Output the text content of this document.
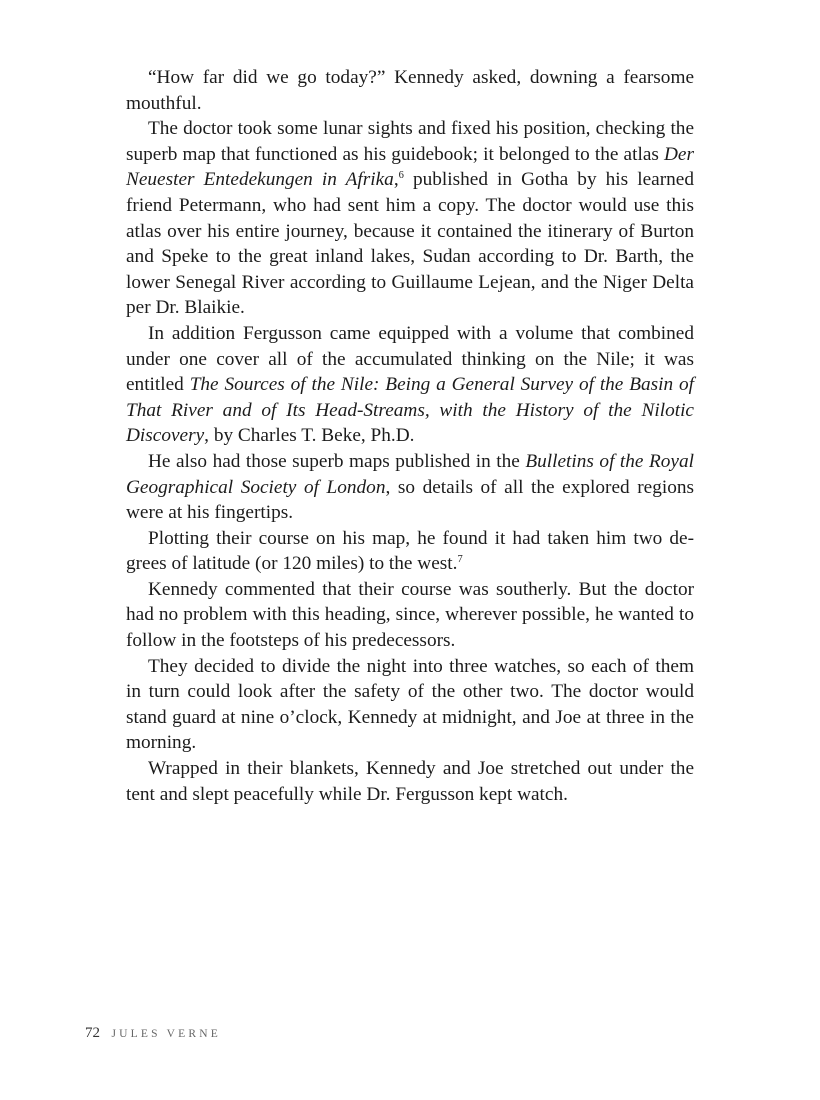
“How far did we go today?” Kennedy asked, downing a fearsome mouthful.

The doctor took some lunar sights and fixed his position, checking the superb map that functioned as his guidebook; it belonged to the atlas Der Neuester Entedekungen in Afrika,$^6$ published in Gotha by his learned friend Petermann, who had sent him a copy. The doctor would use this atlas over his entire journey, because it contained the itinerary of Burton and Speke to the great inland lakes, Sudan according to Dr. Barth, the lower Senegal River according to Guillaume Lejean, and the Niger Delta per Dr. Blaikie.

In addition Fergusson came equipped with a volume that combined under one cover all of the accumulated thinking on the Nile; it was entitled The Sources of the Nile: Being a General Survey of the Basin of That River and of Its Head-Streams, with the History of the Nilotic Discovery, by Charles T. Beke, Ph.D.

He also had those superb maps published in the Bulletins of the Royal Geographical Society of London, so details of all the explored regions were at his fingertips.

Plotting their course on his map, he found it had taken him two degrees of latitude (or 120 miles) to the west.$^7$

Kennedy commented that their course was southerly. But the doctor had no problem with this heading, since, wherever possible, he wanted to follow in the footsteps of his predecessors.

They decided to divide the night into three watches, so each of them in turn could look after the safety of the other two. The doctor would stand guard at nine o’clock, Kennedy at midnight, and Joe at three in the morning.

Wrapped in their blankets, Kennedy and Joe stretched out under the tent and slept peacefully while Dr. Fergusson kept watch.

72 JULES VERNE
